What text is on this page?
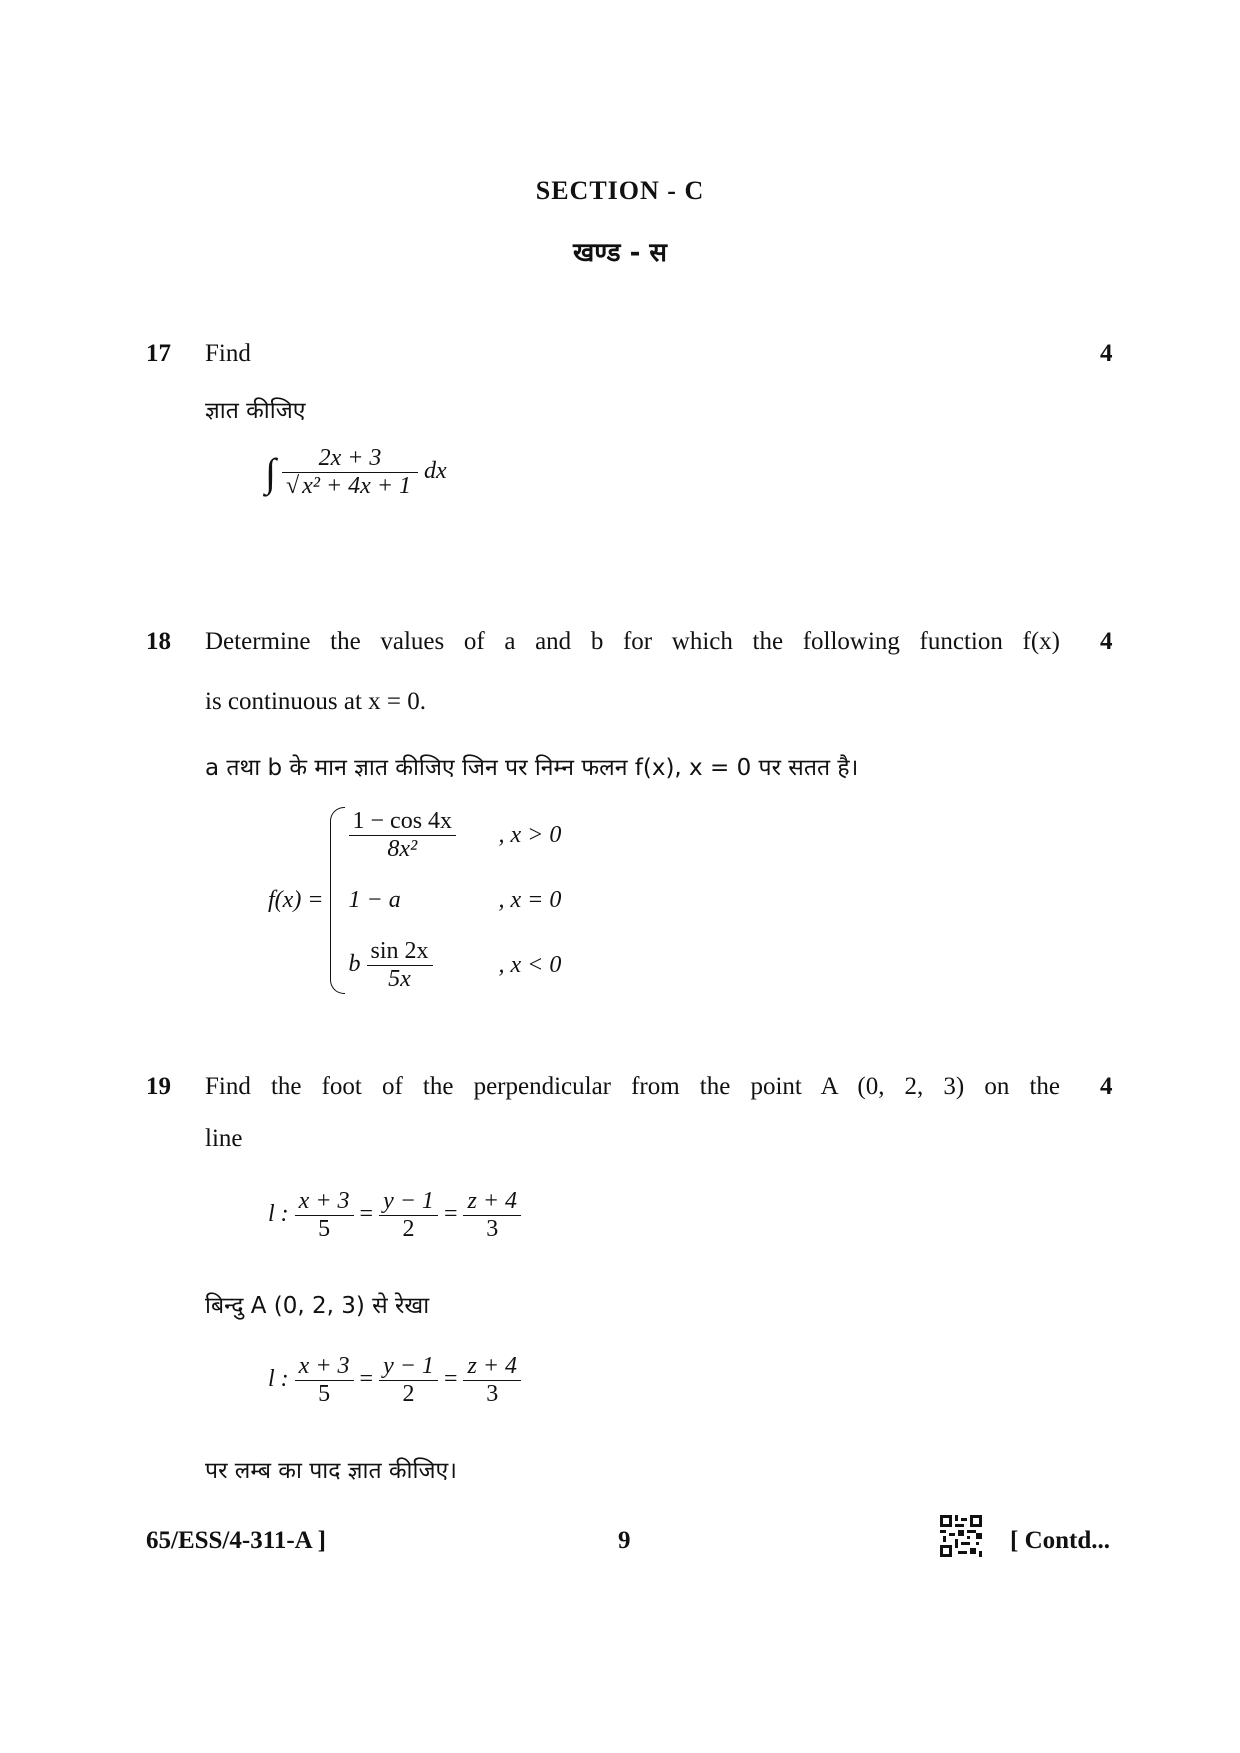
SECTION - C
खण्ड - स
17 Find	4
ज्ञात कीजिए
∫ $\frac{2x + 3}{\text{√ x² + 4x + 1}}$ dx
18 Determine the values of a and b for which the following function f(x) 4
is continuous at x = 0.
a तथा b के मान ज्ञात कीजिए जिन पर निम्न फलन f(x), x = 0 पर सतत है।
f(x) =
$\frac{1 - \cos 4x}{\text{8x²}}$ , x > 0
1 − a	, x = 0
b $\frac{\sin 2x}{5x}$	, x < 0
19 Find the foot of the perpendicular from the point A (0, 2, 3) on the 4
line
l : $\frac{x + 3}{5} = \frac{y - 1}{2} = \frac{z + 4}{3}$
बिन्दु A (0, 2, 3) से रेखा
l : $\frac{x + 3}{5} = \frac{y - 1}{2} = \frac{z + 4}{3}$
पर लम्ब का पाद ज्ञात कीजिए।
65/ESS/4-311-A ]	9	[ Contd...
